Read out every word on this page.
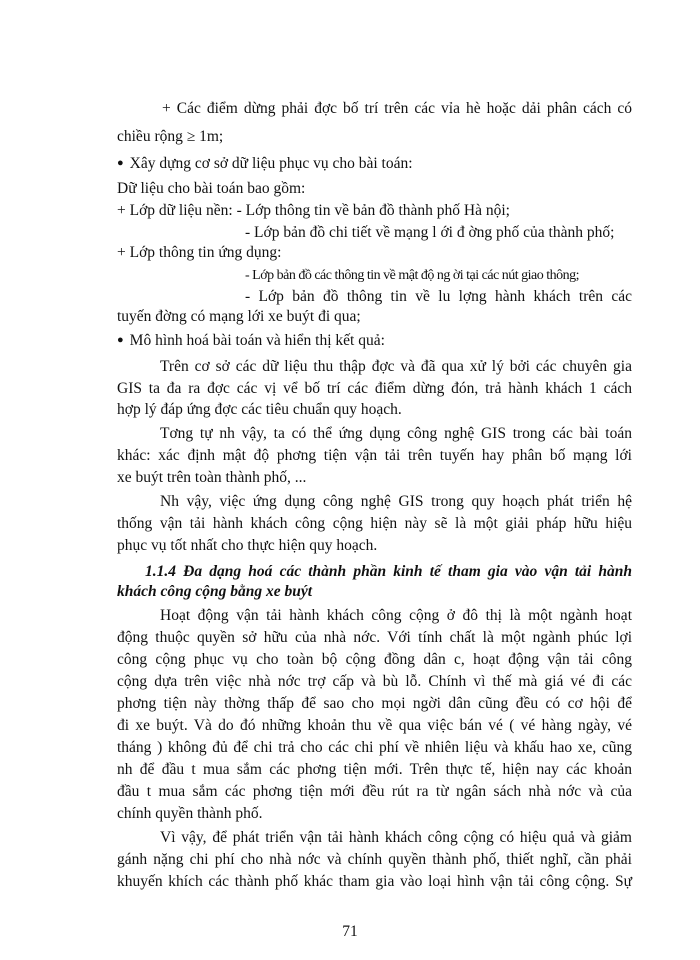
+ Các điểm dừng phải đợc bố trí trên các vỉa hè hoặc dải phân cách có
chiều rộng ≥ 1m;
● Xây dựng cơ sở dữ liệu phục vụ cho bài toán:
Dữ liệu cho bài toán bao gồm:
+ Lớp dữ liệu nền: - Lớp thông tin về bản đồ thành phố Hà nội;
- Lớp bản đồ chi tiết về mạng l ới đ ờng phố của thành phố;
+ Lớp thông tin ứng dụng:
- Lớp bản đồ các thông tin về mật độ ng ời tại các nút giao thông;
- Lớp bản đồ thông tin về lu lợng hành khách trên các
tuyến đờng có mạng lới xe buýt đi qua;
● Mô hình hoá bài toán và hiển thị kết quả:
Trên cơ sở các dữ liệu thu thập đợc và đã qua xử lý bởi các chuyên gia
GIS ta đa ra đợc các vị vể bố trí các điểm dừng đón, trả hành khách 1 cách
hợp lý đáp ứng đợc các tiêu chuẩn quy hoạch.
Tơng tự nh vậy, ta có thể ứng dụng công nghệ GIS trong các bài toán
khác: xác định mật độ phơng tiện vận tải trên tuyến hay phân bố mạng lới
xe buýt trên toàn thành phố, ...
Nh vậy, việc ứng dụng công nghệ GIS trong quy hoạch phát triển hệ
thống vận tải hành khách công cộng hiện này sẽ là một giải pháp hữu hiệu
phục vụ tốt nhất cho thực hiện quy hoạch.
1.1.4 Đa dạng hoá các thành phần kinh tế tham gia vào vận tải hành
khách công cộng bằng xe buýt
Hoạt động vận tải hành khách công cộng ở đô thị là một ngành hoạt
động thuộc quyền sở hữu của nhà nớc. Với tính chất là một ngành phúc lợi
công cộng phục vụ cho toàn bộ cộng đồng dân c, hoạt động vận tải công
cộng dựa trên việc nhà nớc trợ cấp và bù lỗ. Chính vì thế mà giá vé đi các
phơng tiện này thờng thấp để sao cho mọi ngời dân cũng đều có cơ hội để
đi xe buýt. Và do đó những khoản thu về qua việc bán vé ( vé hàng ngày, vé
tháng ) không đủ để chi trả cho các chi phí về nhiên liệu và khấu hao xe, cũng
nh để đầu t mua sắm các phơng tiện mới. Trên thực tế, hiện nay các khoản
đầu t mua sắm các phơng tiện mới đều rút ra từ ngân sách nhà nớc và của
chính quyền thành phố.
Vì vậy, để phát triển vận tải hành khách công cộng có hiệu quả và giảm
gánh nặng chi phí cho nhà nớc và chính quyền thành phố, thiết nghĩ, cần phải
khuyến khích các thành phố khác tham gia vào loại hình vận tải công cộng. Sự
71
